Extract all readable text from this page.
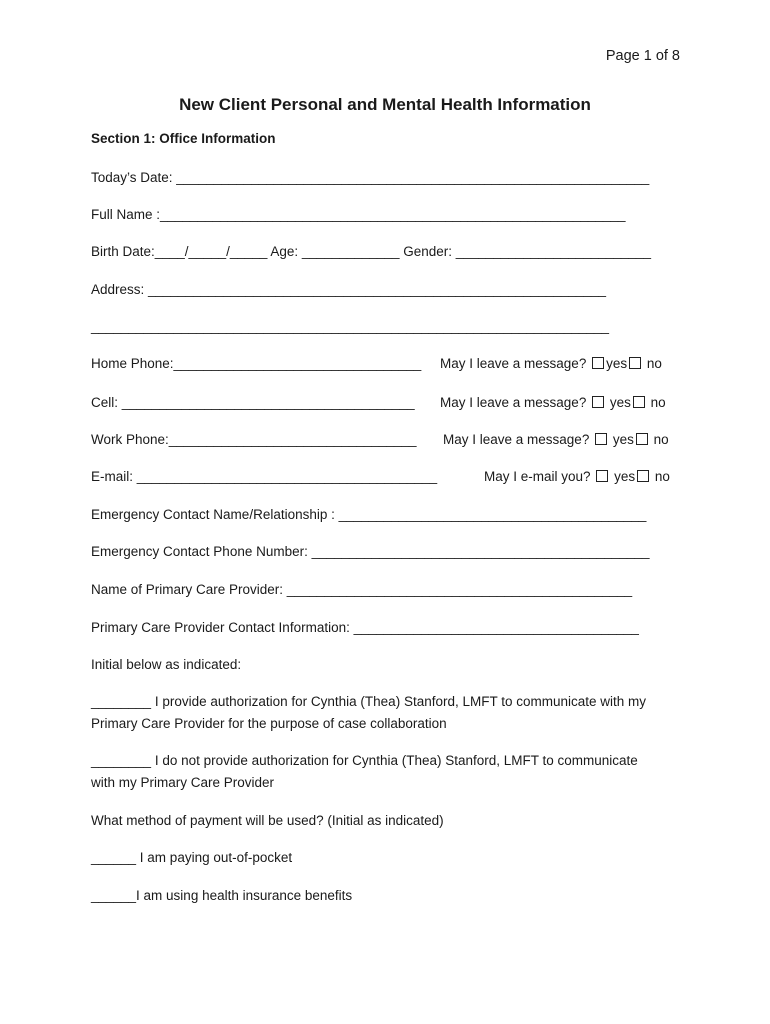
Page 1 of 8
New Client Personal and Mental Health Information
Section 1: Office Information
Today’s Date: _______________________________________________________________
Full Name :______________________________________________________________
Birth Date:____/_____/_____ Age: _____________ Gender: __________________________
Address: _____________________________________________________________
_____________________________________________________________________
Home Phone:_________________________________ May I leave a message? yes no
Cell: _______________________________________ May I leave a message? yes no
Work Phone:_________________________________ May I leave a message? yes no
E-mail: ________________________________________	May I e-mail you? yes no
Emergency Contact Name/Relationship : _________________________________________
Emergency Contact Phone Number: _____________________________________________
Name of Primary Care Provider: ______________________________________________
Primary Care Provider Contact Information: ______________________________________
Initial below as indicated:
________ I provide authorization for Cynthia (Thea) Stanford, LMFT to communicate with my
Primary Care Provider for the purpose of case collaboration
________ I do not provide authorization for Cynthia (Thea) Stanford, LMFT to communicate
with my Primary Care Provider
What method of payment will be used? (Initial as indicated)
______ I am paying out-of-pocket
______I am using health insurance benefits
